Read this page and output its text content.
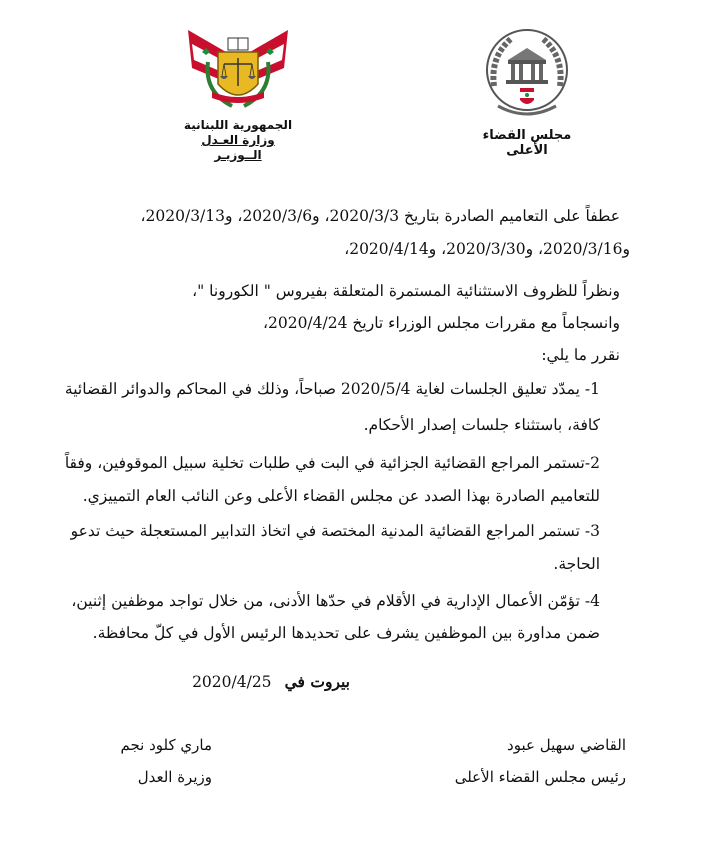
الجمهورية اللبنانية
وزارة العـدل
الــوزيـر
مجلس القضاء الأعلى
عطفاً على التعاميم الصادرة بتاريخ 2020/3/3، و2020/3/6، و2020/3/13،
و2020/3/16، و2020/3/30، و2020/4/14،
ونظراً للظروف الاستثنائية المستمرة المتعلقة بفيروس " الكورونا "،
وانسجاماً مع مقررات مجلس الوزراء تاريخ 2020/4/24،
نقرر ما يلي:
1- يمدّد تعليق الجلسات لغاية 2020/5/4 صباحاً، وذلك في المحاكم والدوائر القضائية
كافة، باستثناء جلسات إصدار الأحكام.
2-تستمر المراجع القضائية الجزائية في البت في طلبات تخلية سبيل الموقوفين، وفقاً
للتعاميم الصادرة بهذا الصدد عن مجلس القضاء الأعلى وعن النائب العام التمييزي.
3- تستمر المراجع القضائية المدنية المختصة في اتخاذ التدابير المستعجلة حيث تدعو
الحاجة.
4- تؤمّن الأعمال الإدارية في الأقلام في حدّها الأدنى، من خلال تواجد موظفين إثنين،
ضمن مداورة بين الموظفين يشرف على تحديدها الرئيس الأول في كلّ محافظة.
بيروت في 2020/4/25
القاضي سهيل عبود
رئيس مجلس القضاء الأعلى
ماري كلود نجم
وزيرة العدل
